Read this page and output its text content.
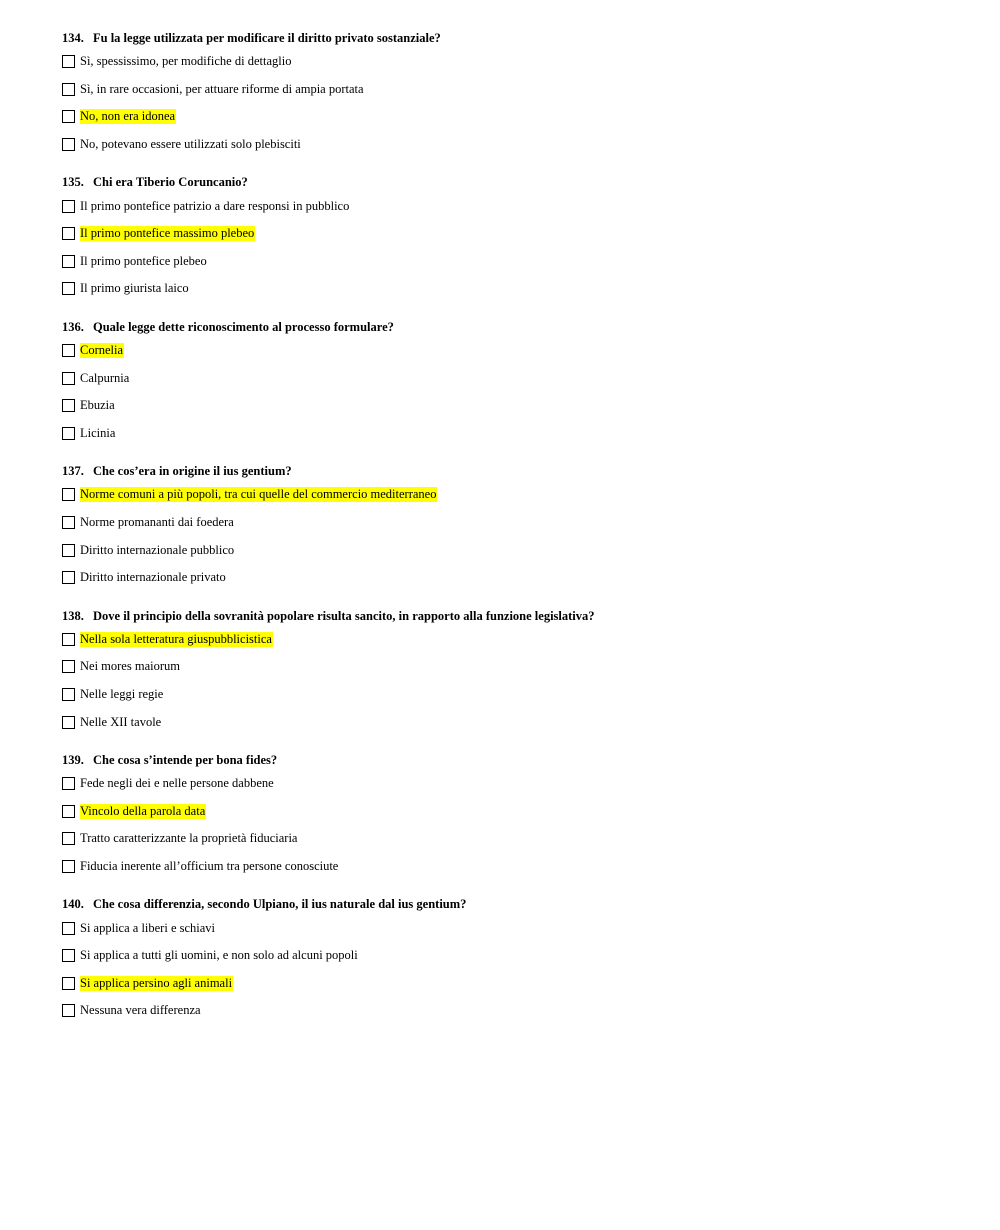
134. Fu la legge utilizzata per modificare il diritto privato sostanziale?
Sì, spessissimo, per modifiche di dettaglio
Sì, in rare occasioni, per attuare riforme di ampia portata
No, non era idonea
No, potevano essere utilizzati solo plebisciti
135. Chi era Tiberio Coruncanio?
Il primo pontefice patrizio a dare responsi in pubblico
Il primo pontefice massimo plebeo
Il primo pontefice plebeo
Il primo giurista laico
136. Quale legge dette riconoscimento al processo formulare?
Cornelia
Calpurnia
Ebuzia
Licinia
137. Che cos’era in origine il ius gentium?
Norme comuni a più popoli, tra cui quelle del commercio mediterraneo
Norme promananti dai foedera
Diritto internazionale pubblico
Diritto internazionale privato
138. Dove il principio della sovranità popolare risulta sancito, in rapporto alla funzione legislativa?
Nella sola letteratura giuspubblicistica
Nei mores maiorum
Nelle leggi regie
Nelle XII tavole
139. Che cosa s’intende per bona fides?
Fede negli dei e nelle persone dabbene
Vincolo della parola data
Tratto caratterizzante la proprietà fiduciaria
Fiducia inerente all’officium tra persone conosciute
140. Che cosa differenzia, secondo Ulpiano, il ius naturale dal ius gentium?
Si applica a liberi e schiavi
Si applica a tutti gli uomini, e non solo ad alcuni popoli
Si applica persino agli animali
Nessuna vera differenza
